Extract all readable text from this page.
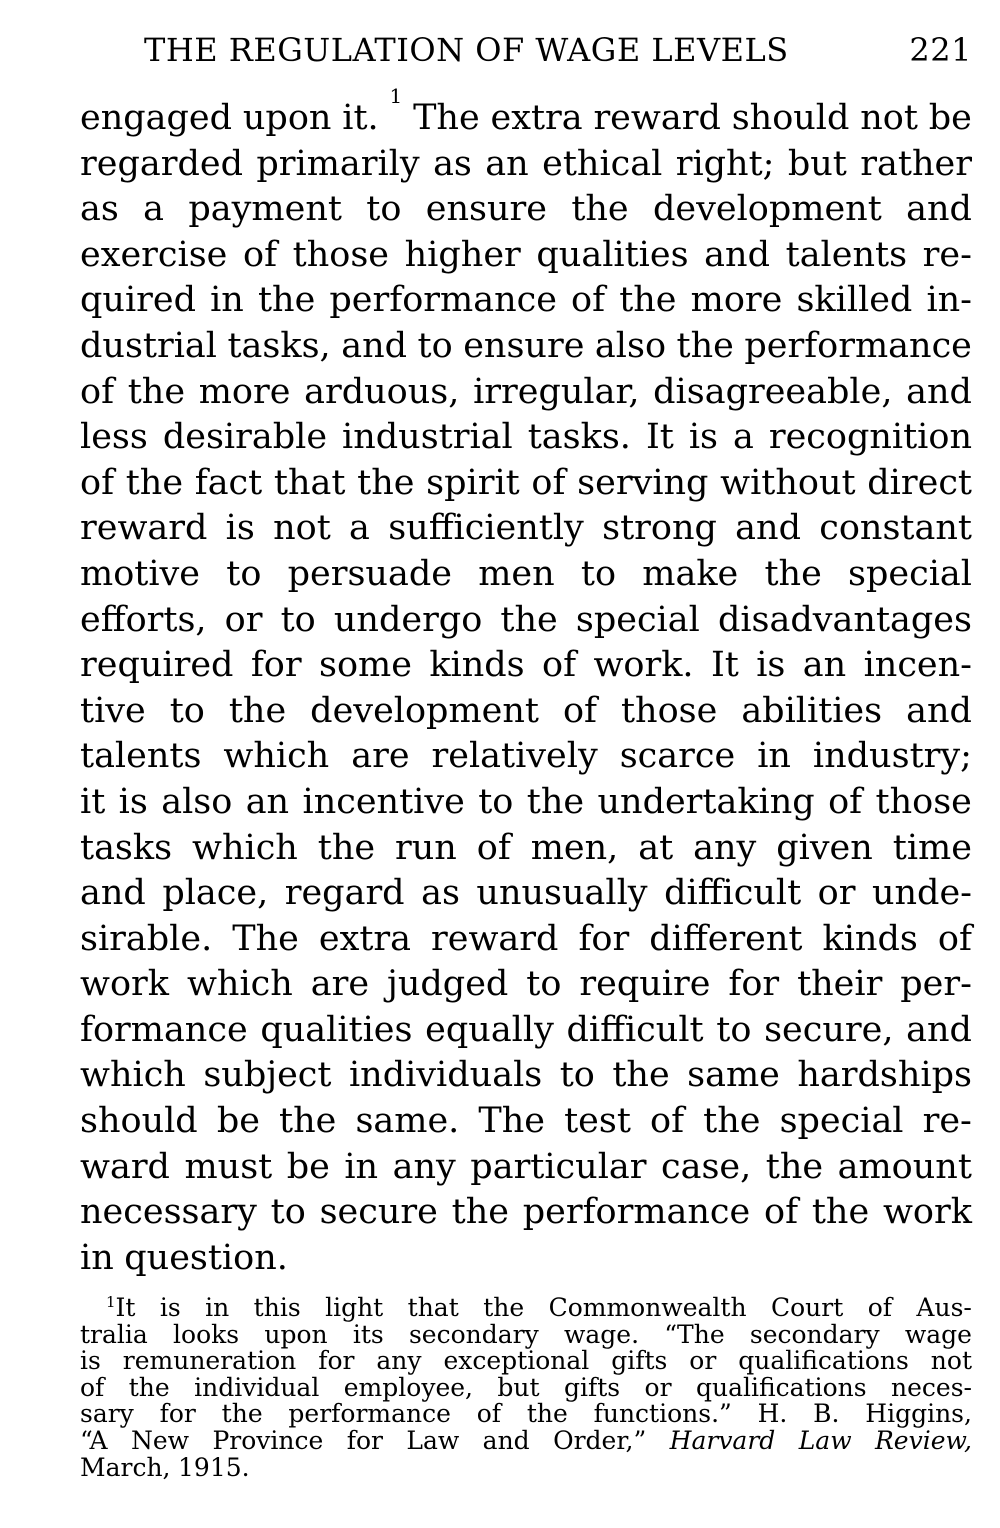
THE REGULATION OF WAGE LEVELS	221
engaged upon it.
1
The extra reward should not be
regarded primarily as an ethical right; but rather
as a payment to ensure the development and
exercise of those higher qualities and talents re-
quired in the performance of the more skilled in-
dustrial tasks, and to ensure also the performance
of the more arduous, irregular, disagreeable, and
less desirable industrial tasks. It is a recognition
of the fact that the spirit of serving without direct
reward is not a sufficiently strong and constant
motive to persuade men to make the special
efforts, or to undergo the special disadvantages
required for some kinds of work. It is an incen-
tive to the development of those abilities and
talents which are relatively scarce in industry;
it is also an incentive to the undertaking of those
tasks which the run of men, at any given time
and place, regard as unusually difficult or unde-
sirable. The extra reward for different kinds of
work which are judged to require for their per-
formance qualities equally difficult to secure, and
which subject individuals to the same hardships
should be the same. The test of the special re-
ward must be in any particular case, the amount
necessary to secure the performance of the work
in question.
$^1$It is in this light that the Commonwealth Court of Aus-
tralia looks upon its secondary wage. “The secondary wage
is remuneration for any exceptional gifts or qualifications not
of the individual employee, but gifts or qualifications neces-
sary for the performance of the functions.” H. B. Higgins,
“A New Province for Law and Order,” Harvard Law Review,
March, 1915.
